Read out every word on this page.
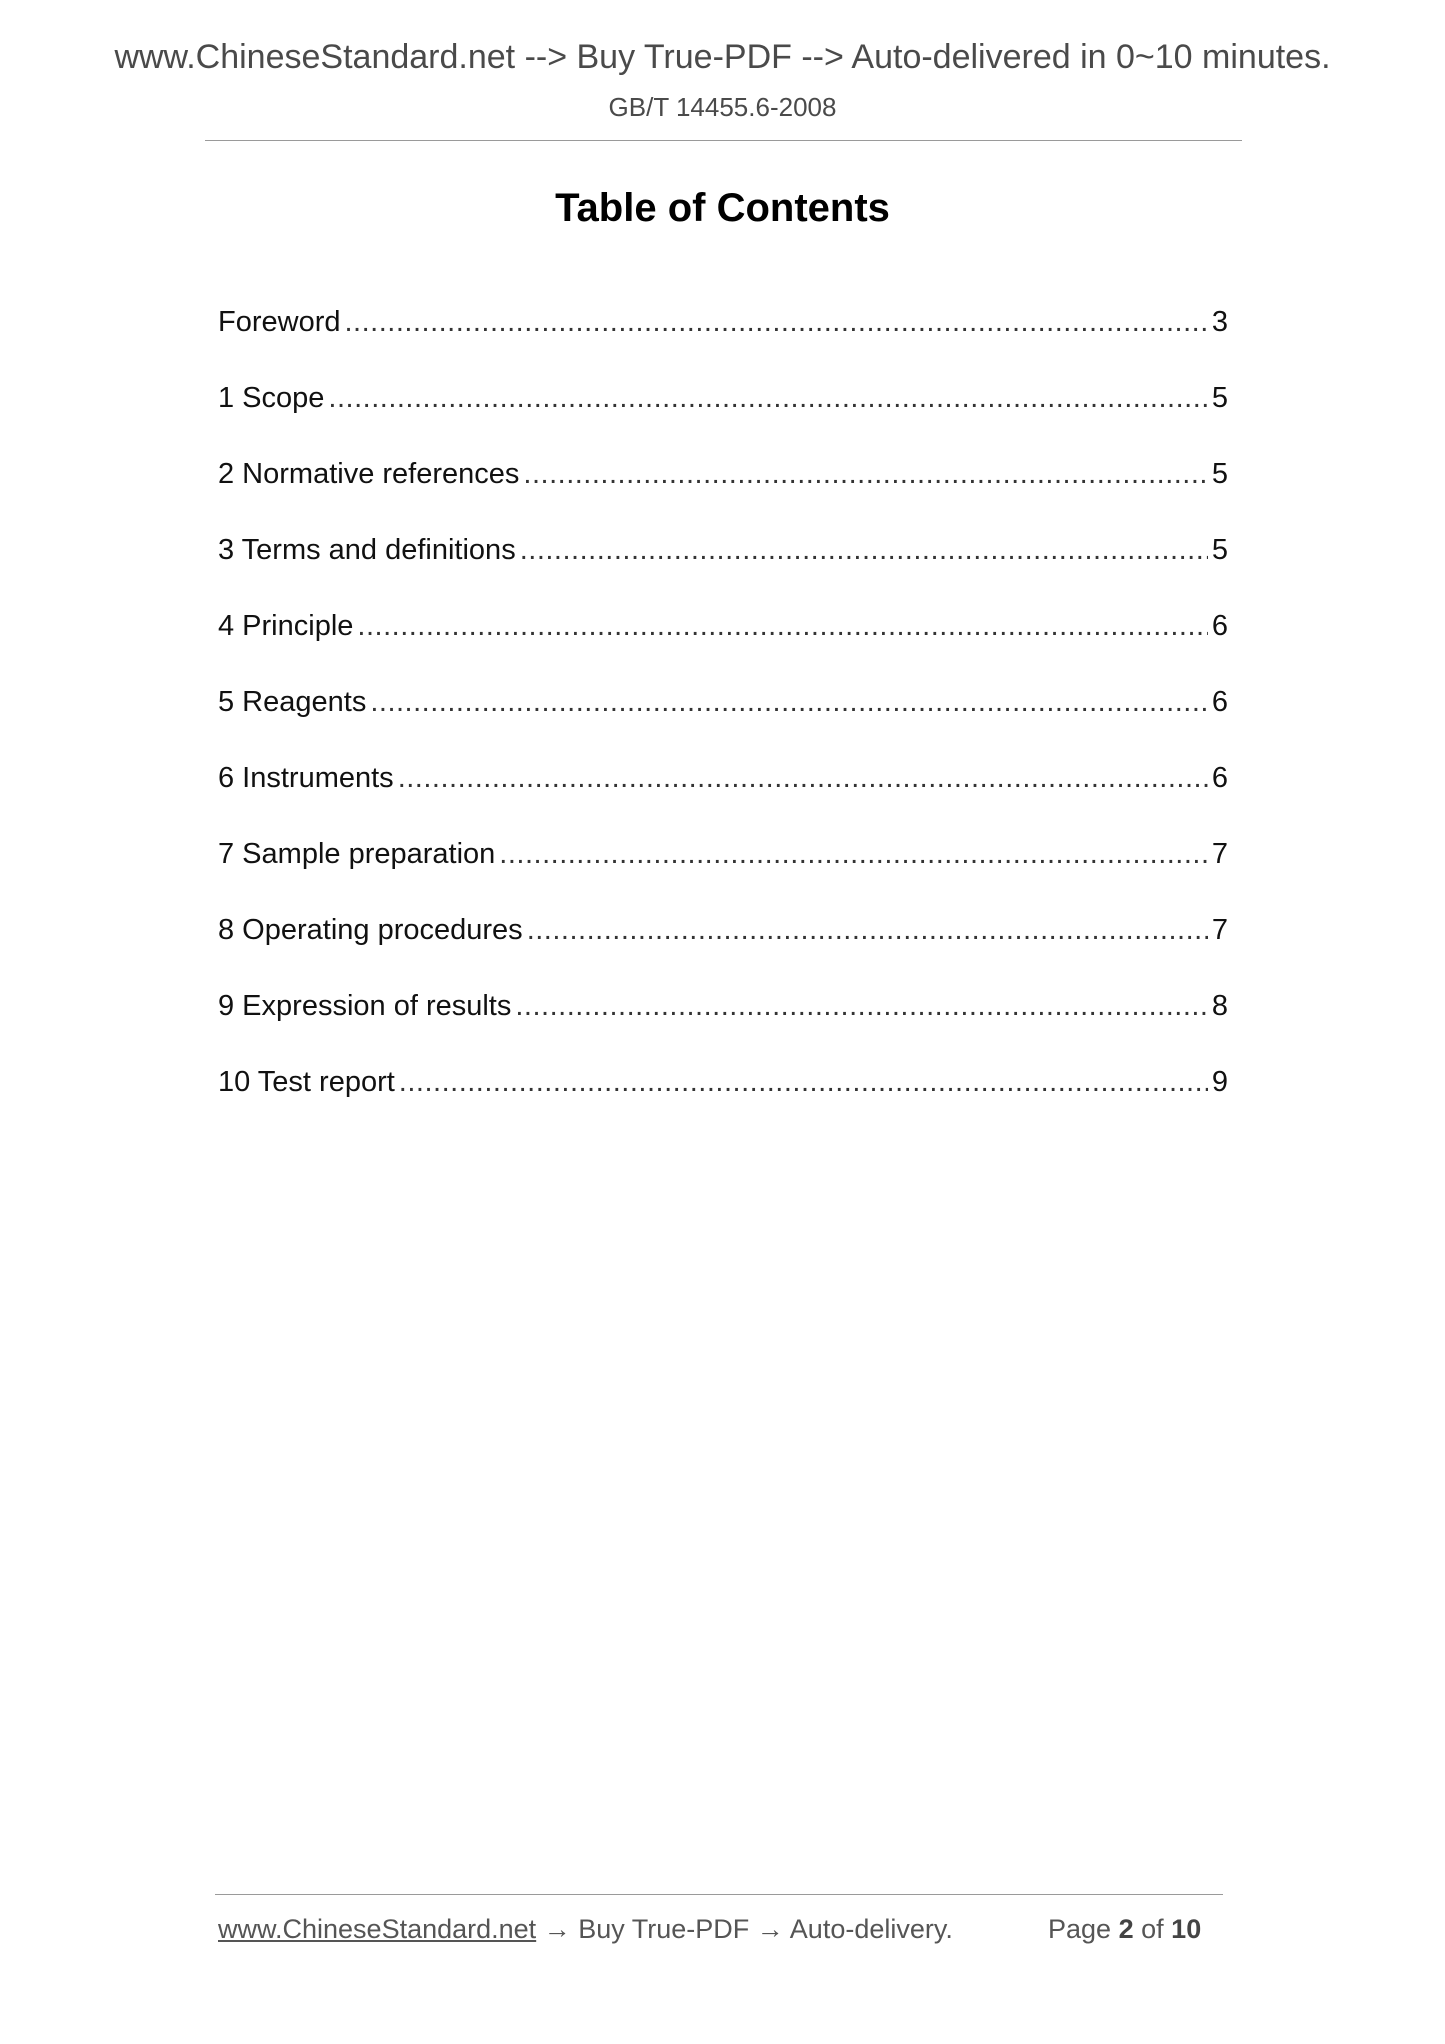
www.ChineseStandard.net --> Buy True-PDF --> Auto-delivered in 0~10 minutes.
GB/T 14455.6-2008
Table of Contents
Foreword .....	3
1 Scope .....	5
2 Normative references .....	5
3 Terms and definitions .....	5
4 Principle .....	6
5 Reagents .....	6
6 Instruments .....	6
7 Sample preparation .....	7
8 Operating procedures .....	7
9 Expression of results .....	8
10 Test report .....	9
www.ChineseStandard.net → Buy True-PDF → Auto-delivery.	Page 2 of 10
